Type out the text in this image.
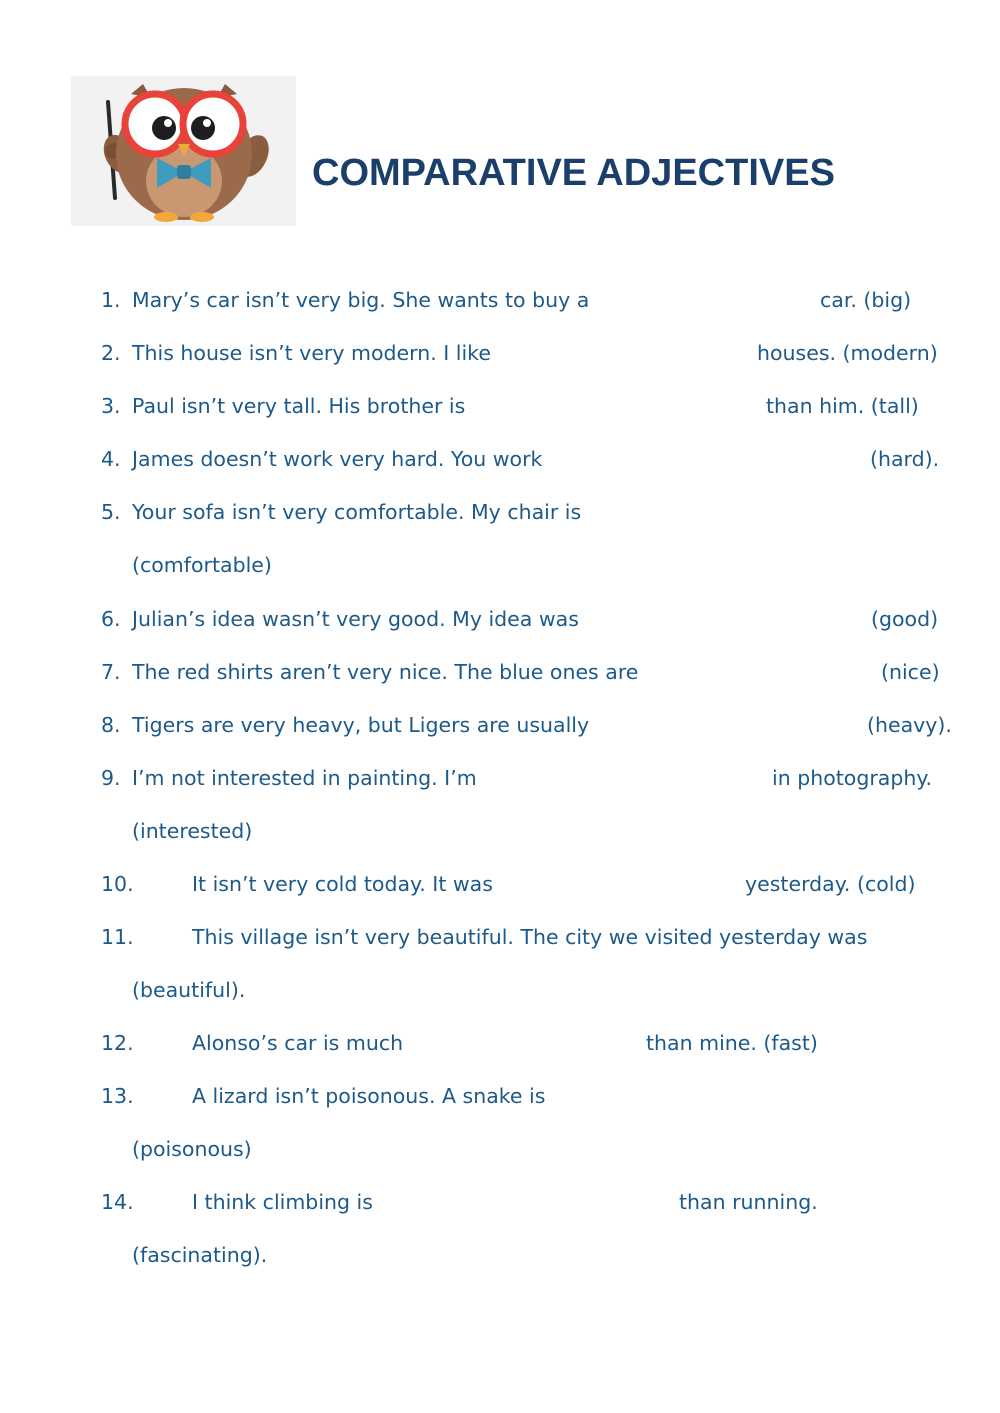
COMPARATIVE ADJECTIVES
1. Mary’s car isn’t very big. She wants to buy a	car. (big)
2. This house isn’t very modern. I like	houses. (modern)
3. Paul isn’t very tall. His brother is	than him. (tall)
4. James doesn’t work very hard. You work	(hard).
5. Your sofa isn’t very comfortable. My chair is
(comfortable)
6. Julian’s idea wasn’t very good. My idea was	(good)
7. The red shirts aren’t very nice. The blue ones are	(nice)
8. Tigers are very heavy, but Ligers are usually	(heavy).
9. I’m not interested in painting. I’m	in photography.
(interested)
10.	It isn’t very cold today. It was	yesterday. (cold)
11.	This village isn’t very beautiful. The city we visited yesterday was
(beautiful).
12.	Alonso’s car is much	than mine. (fast)
13.	A lizard isn’t poisonous. A snake is
(poisonous)
14.	I think climbing is	than running.
(fascinating).
